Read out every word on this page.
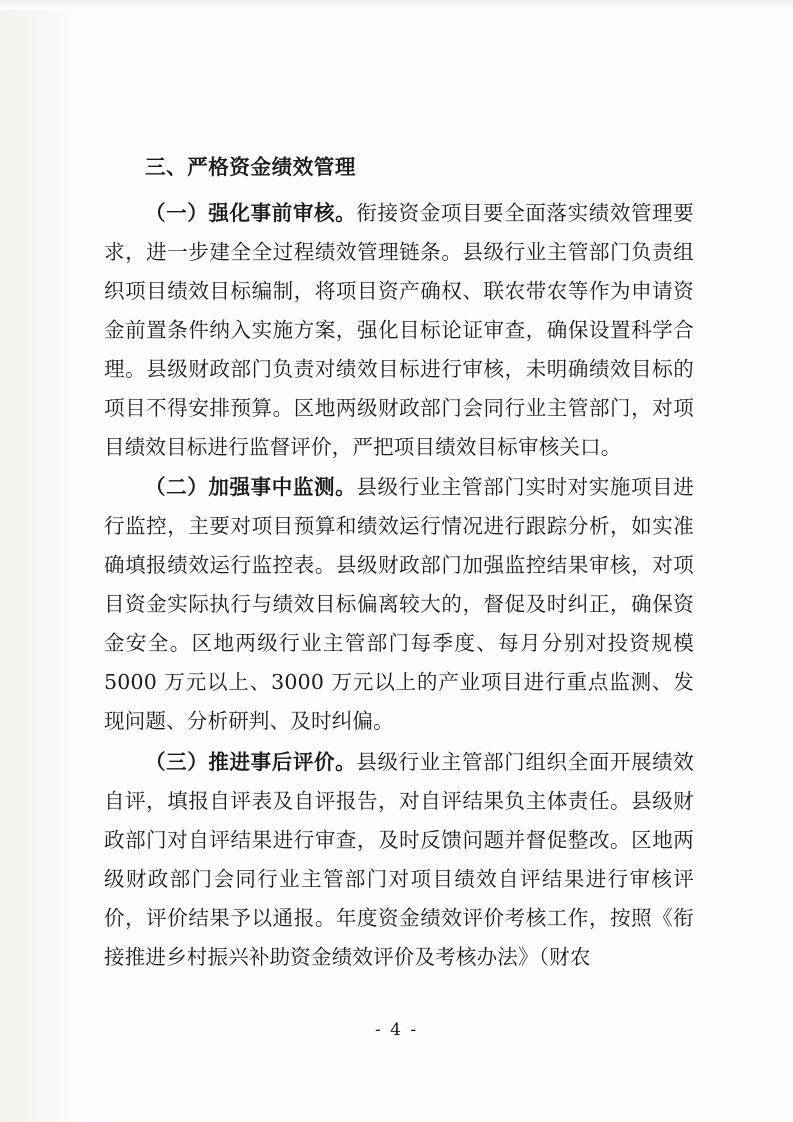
三、严格资金绩效管理

（一）强化事前审核。衔接资金项目要全面落实绩效管理要求，进一步建全全过程绩效管理链条。县级行业主管部门负责组织项目绩效目标编制，将项目资产确权、联农带农等作为申请资金前置条件纳入实施方案，强化目标论证审查，确保设置科学合理。县级财政部门负责对绩效目标进行审核，未明确绩效目标的项目不得安排预算。区地两级财政部门会同行业主管部门，对项目绩效目标进行监督评价，严把项目绩效目标审核关口。

（二）加强事中监测。县级行业主管部门实时对实施项目进行监控，主要对项目预算和绩效运行情况进行跟踪分析，如实准确填报绩效运行监控表。县级财政部门加强监控结果审核，对项目资金实际执行与绩效目标偏离较大的，督促及时纠正，确保资金安全。区地两级行业主管部门每季度、每月分别对投资规模 5000 万元以上、3000 万元以上的产业项目进行重点监测、发现问题、分析研判、及时纠偏。

（三）推进事后评价。县级行业主管部门组织全面开展绩效自评，填报自评表及自评报告，对自评结果负主体责任。县级财政部门对自评结果进行审查，及时反馈问题并督促整改。区地两级财政部门会同行业主管部门对项目绩效自评结果进行审核评价，评价结果予以通报。年度资金绩效评价考核工作，按照《衔接推进乡村振兴补助资金绩效评价及考核办法》（财农

- 4 -
